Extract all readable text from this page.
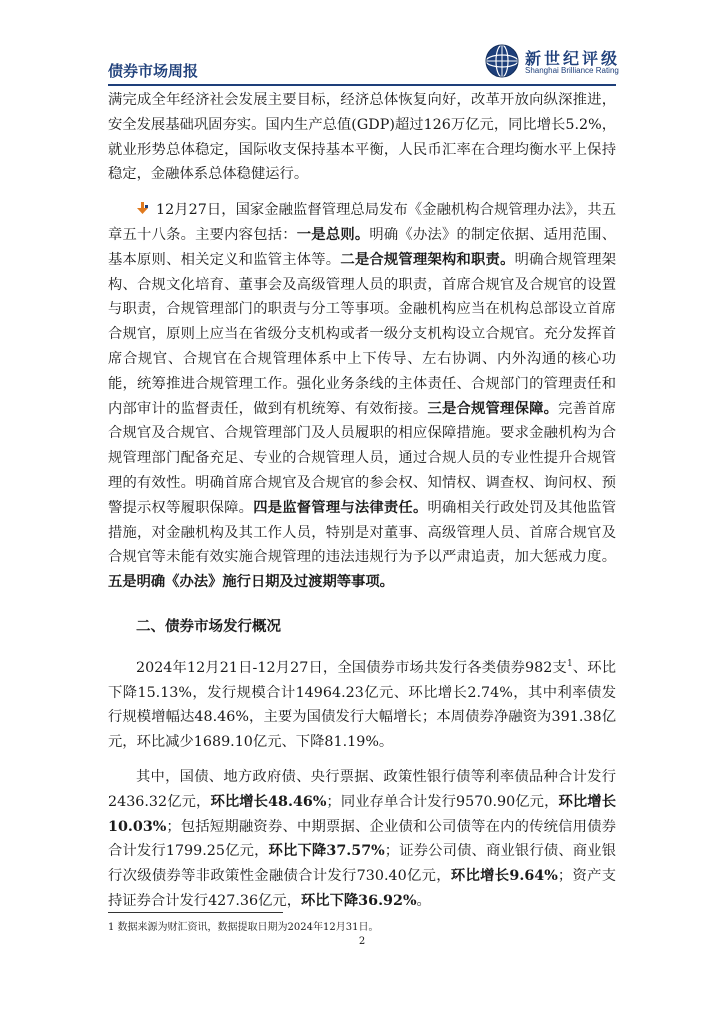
债券市场周报
新世纪评级
Shanghai Brilliance Rating

满完成全年经济社会发展主要目标，经济总体恢复向好，改革开放向纵深推进，安全发展基础巩固夯实。国内生产总值(GDP)超过126万亿元，同比增长5.2%，就业形势总体稳定，国际收支保持基本平衡，人民币汇率在合理均衡水平上保持稳定，金融体系总体稳健运行。

12月27日，国家金融监督管理总局发布《金融机构合规管理办法》，共五章五十八条。主要内容包括：一是总则。明确《办法》的制定依据、适用范围、基本原则、相关定义和监管主体等。二是合规管理架构和职责。明确合规管理架构、合规文化培育、董事会及高级管理人员的职责，首席合规官及合规官的设置与职责，合规管理部门的职责与分工等事项。金融机构应当在机构总部设立首席合规官，原则上应当在省级分支机构或者一级分支机构设立合规官。充分发挥首席合规官、合规官在合规管理体系中上下传导、左右协调、内外沟通的核心功能，统筹推进合规管理工作。强化业务条线的主体责任、合规部门的管理责任和内部审计的监督责任，做到有机统筹、有效衔接。三是合规管理保障。完善首席合规官及合规官、合规管理部门及人员履职的相应保障措施。要求金融机构为合规管理部门配备充足、专业的合规管理人员，通过合规人员的专业性提升合规管理的有效性。明确首席合规官及合规官的参会权、知情权、调查权、询问权、预警提示权等履职保障。四是监督管理与法律责任。明确相关行政处罚及其他监管措施，对金融机构及其工作人员，特别是对董事、高级管理人员、首席合规官及合规官等未能有效实施合规管理的违法违规行为予以严肃追责，加大惩戒力度。五是明确《办法》施行日期及过渡期等事项。

二、债券市场发行概况

2024年12月21日-12月27日，全国债券市场共发行各类债券982支$^1$、环比下降15.13%，发行规模合计14964.23亿元、环比增长2.74%，其中利率债发行规模增幅达48.46%，主要为国债发行大幅增长；本周债券净融资为391.38亿元，环比减少1689.10亿元、下降81.19%。

其中，国债、地方政府债、央行票据、政策性银行债等利率债品种合计发行2436.32亿元，环比增长48.46%；同业存单合计发行9570.90亿元，环比增长10.03%；包括短期融资券、中期票据、企业债和公司债等在内的传统信用债券合计发行1799.25亿元，环比下降37.57%；证券公司债、商业银行债、商业银行次级债券等非政策性金融债合计发行730.40亿元，环比增长9.64%；资产支持证券合计发行427.36亿元，环比下降36.92%。

1 数据来源为财汇资讯，数据提取日期为2024年12月31日。
2
